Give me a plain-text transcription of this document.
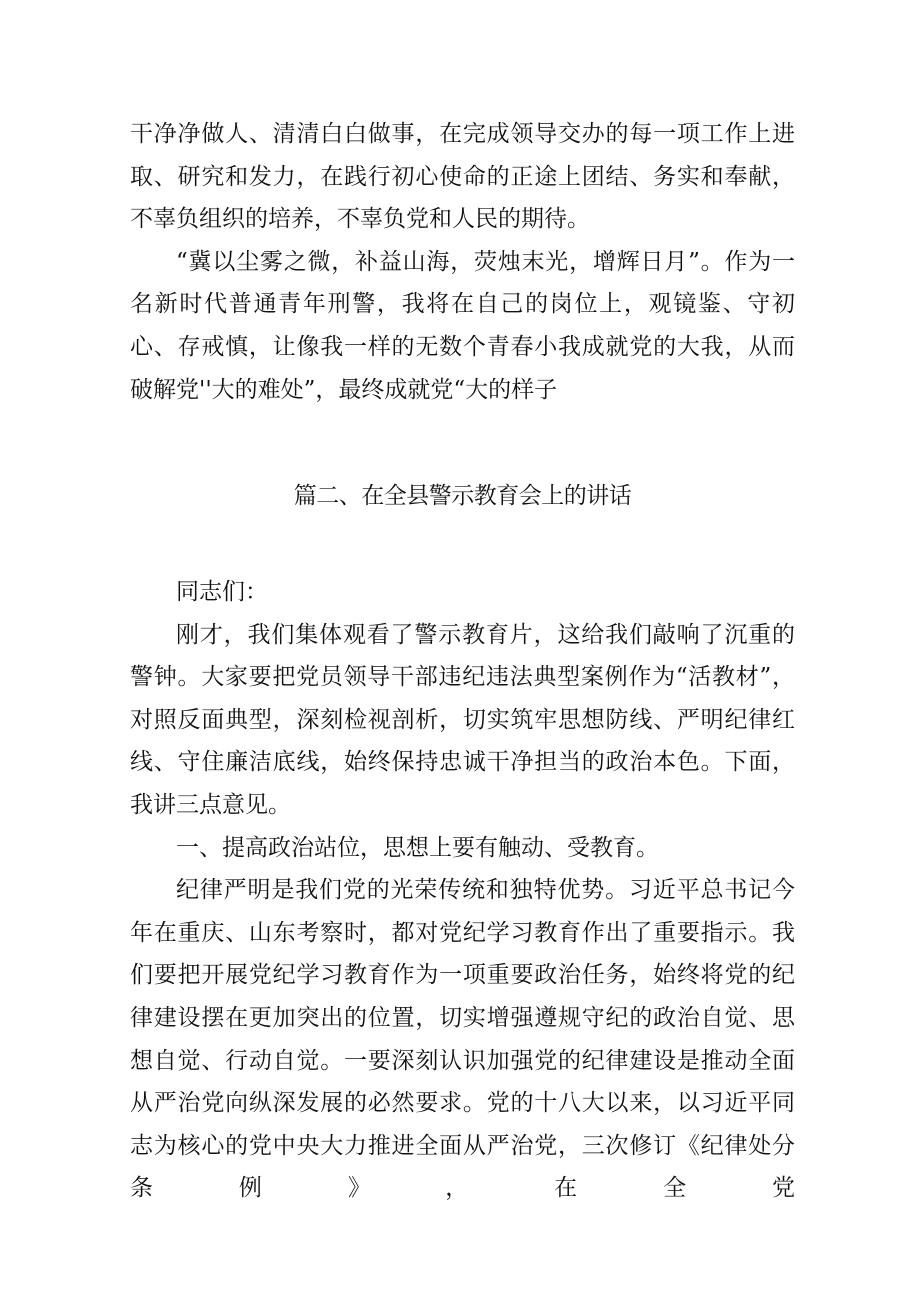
干净净做人、清清白白做事，在完成领导交办的每一项工作上进取、研究和发力，在践行初心使命的正途上团结、务实和奉献，不辜负组织的培养，不辜负党和人民的期待。

“冀以尘雾之微，补益山海，荧烛末光，增辉日月”。作为一名新时代普通青年刑警，我将在自己的岗位上，观镜鉴、守初心、存戒慎，让像我一样的无数个青春小我成就党的大我，从而破解党''大的难处”，最终成就党“大的样子

篇二、在全县警示教育会上的讲话

同志们：

刚才，我们集体观看了警示教育片，这给我们敲响了沉重的警钟。大家要把党员领导干部违纪违法典型案例作为“活教材”，对照反面典型，深刻检视剖析，切实筑牢思想防线、严明纪律红线、守住廉洁底线，始终保持忠诚干净担当的政治本色。下面，我讲三点意见。

一、提高政治站位，思想上要有触动、受教育。

纪律严明是我们党的光荣传统和独特优势。习近平总书记今年在重庆、山东考察时，都对党纪学习教育作出了重要指示。我们要把开展党纪学习教育作为一项重要政治任务，始终将党的纪律建设摆在更加突出的位置，切实增强遵规守纪的政治自觉、思想自觉、行动自觉。一要深刻认识加强党的纪律建设是推动全面从严治党向纵深发展的必然要求。党的十八大以来，以习近平同志为核心的党中央大力推进全面从严治党，三次修订《纪律处分条例》，在全党
